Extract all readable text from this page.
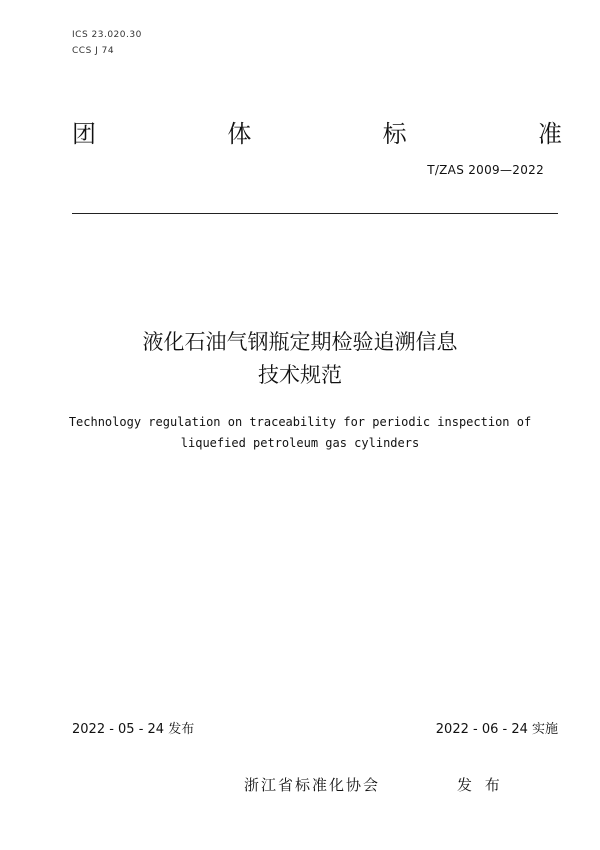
ICS 23.020.30
CCS J 74
团	体	标	准
T/ZAS 2009—2022
液化石油气钢瓶定期检验追溯信息
技术规范
Technology regulation on traceability for periodic inspection of
liquefied petroleum gas cylinders
2022 - 05 - 24 发布	2022 - 06 - 24 实施
浙江省标准化协会	发 布
